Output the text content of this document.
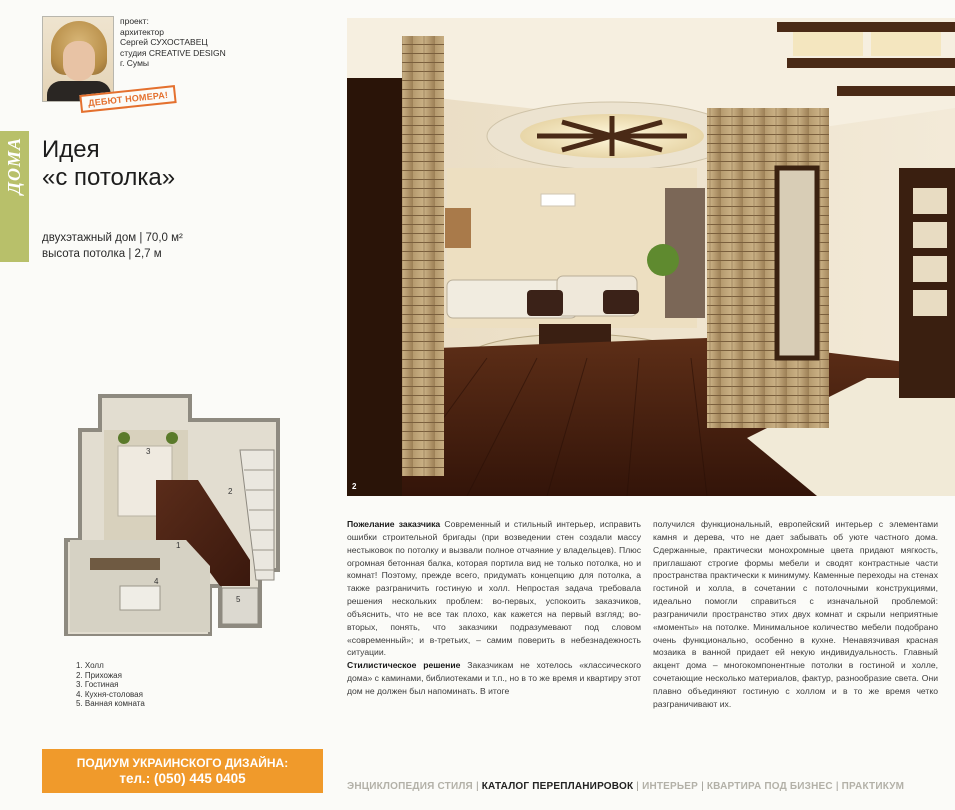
проект:
архитектор
Сергей СУХОСТАВЕЦ
студия CREATIVE DESIGN
г. Сумы
ДЕБЮТ НОМЕРА!
ДОМА Идея
«с потолка»
двухэтажный дом | 70,0 м²
высота потолка | 2,7 м
3
2
1
4
5
1. Холл
2. Прихожая
3. Гостиная
4. Кухня-столовая
5. Ванная комната
ПОДИУМ УКРАИНСКОГО ДИЗАЙНА:
тел.: (050) 445 0405
2
Пожелание заказчика Современный и стильный интерьер, исправить ошибки строительной бригады (при возведении стен создали массу нестыковок по потолку и вызвали полное отчаяние у владельцев). Плюс огромная бетонная балка, которая портила вид не только потолка, но и комнат! Поэтому, прежде всего, придумать концепцию для потолка, а также разграничить гостиную и холл. Непростая задача требовала решения нескольких проблем: во-первых, успокоить заказчиков, объяснить, что не все так плохо, как кажется на первый взгляд; во-вторых, понять, что заказчики подразумевают под словом «современный»; и в-третьих, – самим поверить в небезнадежность ситуации.
Стилистическое решение Заказчикам не хотелось «классического дома» с каминами, библиотеками и т.п., но в то же время и квартиру этот дом не должен был напоминать. В итоге
получился функциональный, европейский интерьер с элементами камня и дерева, что не дает забывать об уюте частного дома. Сдержанные, практически монохромные цвета придают мягкость, приглашают строгие формы мебели и сводят контрастные части пространства практически к минимуму. Каменные переходы на стенах гостиной и холла, в сочетании с потолочными конструкциями, идеально помогли справиться с изначальной проблемой: разграничили пространство этих двух комнат и скрыли неприятные «моменты» на потолке. Минимальное количество мебели подобрано очень функционально, особенно в кухне. Ненавязчивая красная мозаика в ванной придает ей некую индивидуальность. Главный акцент дома – многокомпонентные потолки в гостиной и холле, сочетающие несколько материалов, фактур, разнообразие света. Они плавно объединяют гостиную с холлом и в то же время четко разграничивают их.
ЭНЦИКЛОПЕДИЯ СТИЛЯ | КАТАЛОГ ПЕРЕПЛАНИРОВОК | ИНТЕРЬЕР | КВАРТИРА ПОД БИЗНЕС | ПРАКТИКУМ
